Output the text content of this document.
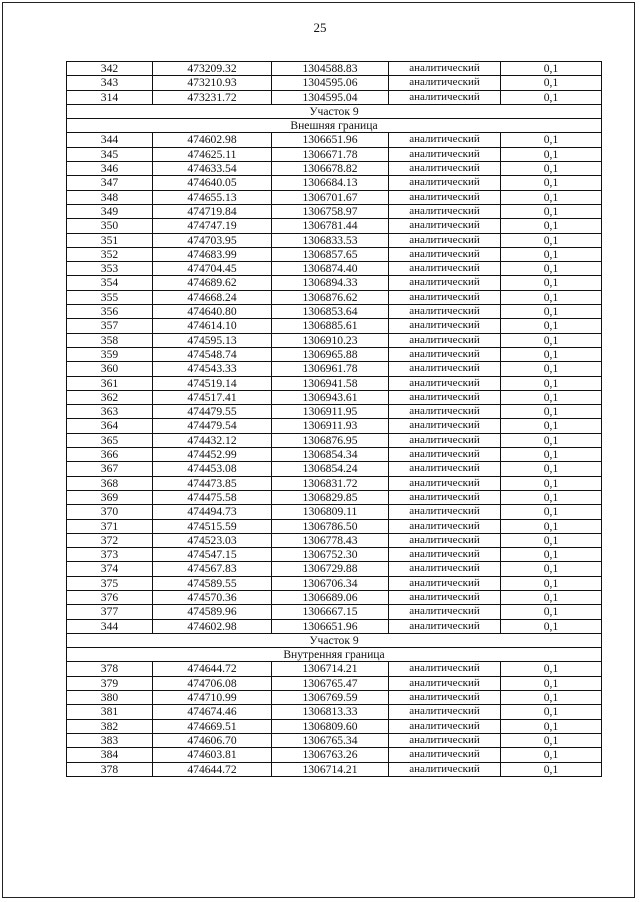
25
342	473209.32	1304588.83	аналитический	0,1
343	473210.93	1304595.06	аналитический	0,1
314	473231.72	1304595.04	аналитический	0,1
Участок 9				
Внешняя граница				
344	474602.98	1306651.96	аналитический	0,1
345	474625.11	1306671.78	аналитический	0,1
346	474633.54	1306678.82	аналитический	0,1
347	474640.05	1306684.13	аналитический	0,1
348	474655.13	1306701.67	аналитический	0,1
349	474719.84	1306758.97	аналитический	0,1
350	474747.19	1306781.44	аналитический	0,1
351	474703.95	1306833.53	аналитический	0,1
352	474683.99	1306857.65	аналитический	0,1
353	474704.45	1306874.40	аналитический	0,1
354	474689.62	1306894.33	аналитический	0,1
355	474668.24	1306876.62	аналитический	0,1
356	474640.80	1306853.64	аналитический	0,1
357	474614.10	1306885.61	аналитический	0,1
358	474595.13	1306910.23	аналитический	0,1
359	474548.74	1306965.88	аналитический	0,1
360	474543.33	1306961.78	аналитический	0,1
361	474519.14	1306941.58	аналитический	0,1
362	474517.41	1306943.61	аналитический	0,1
363	474479.55	1306911.95	аналитический	0,1
364	474479.54	1306911.93	аналитический	0,1
365	474432.12	1306876.95	аналитический	0,1
366	474452.99	1306854.34	аналитический	0,1
367	474453.08	1306854.24	аналитический	0,1
368	474473.85	1306831.72	аналитический	0,1
369	474475.58	1306829.85	аналитический	0,1
370	474494.73	1306809.11	аналитический	0,1
371	474515.59	1306786.50	аналитический	0,1
372	474523.03	1306778.43	аналитический	0,1
373	474547.15	1306752.30	аналитический	0,1
374	474567.83	1306729.88	аналитический	0,1
375	474589.55	1306706.34	аналитический	0,1
376	474570.36	1306689.06	аналитический	0,1
377	474589.96	1306667.15	аналитический	0,1
344	474602.98	1306651.96	аналитический	0,1
Участок 9				
Внутренняя граница				
378	474644.72	1306714.21	аналитический	0,1
379	474706.08	1306765.47	аналитический	0,1
380	474710.99	1306769.59	аналитический	0,1
381	474674.46	1306813.33	аналитический	0,1
382	474669.51	1306809.60	аналитический	0,1
383	474606.70	1306765.34	аналитический	0,1
384	474603.81	1306763.26	аналитический	0,1
378	474644.72	1306714.21	аналитический	0,1
